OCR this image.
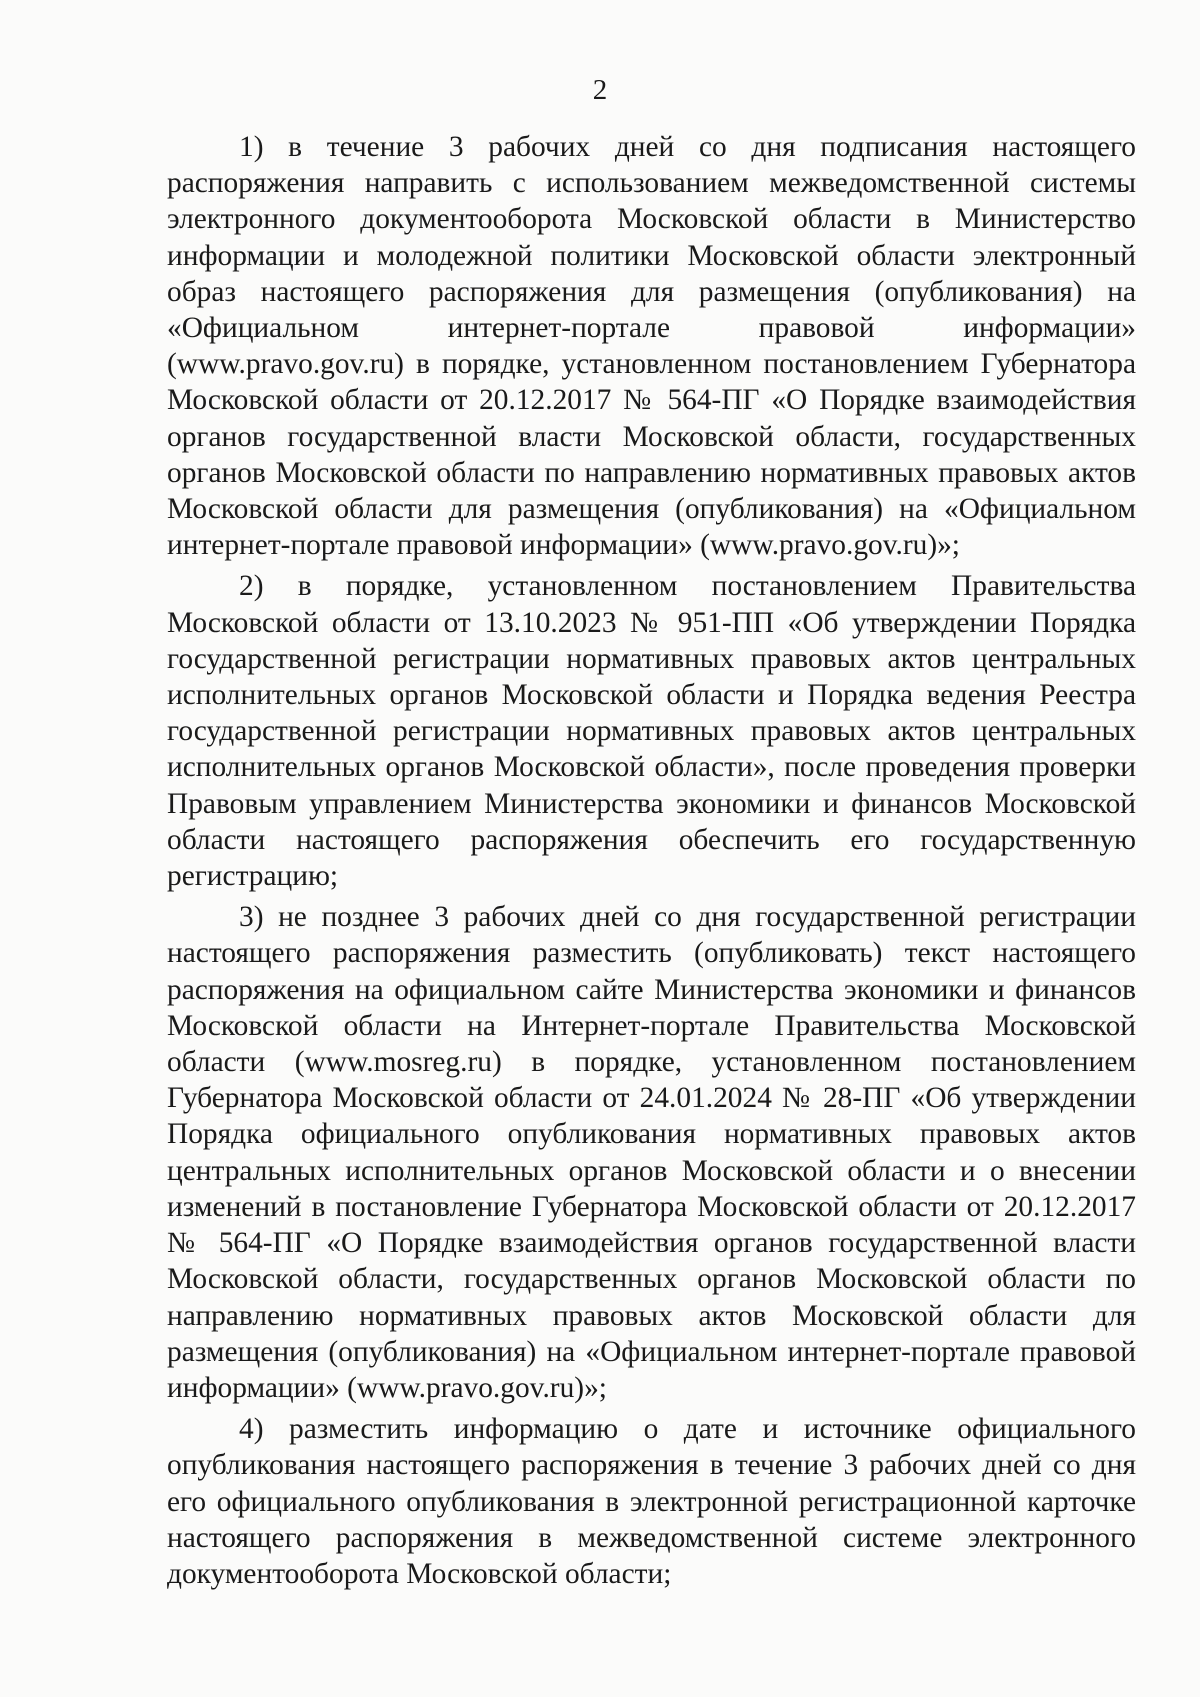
2

1) в течение 3 рабочих дней со дня подписания настоящего распоряжения направить с использованием межведомственной системы электронного документооборота Московской области в Министерство информации и молодежной политики Московской области электронный образ настоящего распоряжения для размещения (опубликования) на «Официальном интернет-портале правовой информации» (www.pravo.gov.ru) в порядке, установленном постановлением Губернатора Московской области от 20.12.2017 № 564-ПГ «О Порядке взаимодействия органов государственной власти Московской области, государственных органов Московской области по направлению нормативных правовых актов Московской области для размещения (опубликования) на «Официальном интернет-портале правовой информации» (www.pravo.gov.ru)»;

2) в порядке, установленном постановлением Правительства Московской области от 13.10.2023 № 951-ПП «Об утверждении Порядка государственной регистрации нормативных правовых актов центральных исполнительных органов Московской области и Порядка ведения Реестра государственной регистрации нормативных правовых актов центральных исполнительных органов Московской области», после проведения проверки Правовым управлением Министерства экономики и финансов Московской области настоящего распоряжения обеспечить его государственную регистрацию;

3) не позднее 3 рабочих дней со дня государственной регистрации настоящего распоряжения разместить (опубликовать) текст настоящего распоряжения на официальном сайте Министерства экономики и финансов Московской области на Интернет-портале Правительства Московской области (www.mosreg.ru) в порядке, установленном постановлением Губернатора Московской области от 24.01.2024 № 28-ПГ «Об утверждении Порядка официального опубликования нормативных правовых актов центральных исполнительных органов Московской области и о внесении изменений в постановление Губернатора Московской области от 20.12.2017 № 564-ПГ «О Порядке взаимодействия органов государственной власти Московской области, государственных органов Московской области по направлению нормативных правовых актов Московской области для размещения (опубликования) на «Официальном интернет-портале правовой информации» (www.pravo.gov.ru)»;

4) разместить информацию о дате и источнике официального опубликования настоящего распоряжения в течение 3 рабочих дней со дня его официального опубликования в электронной регистрационной карточке настоящего распоряжения в межведомственной системе электронного документооборота Московской области;
